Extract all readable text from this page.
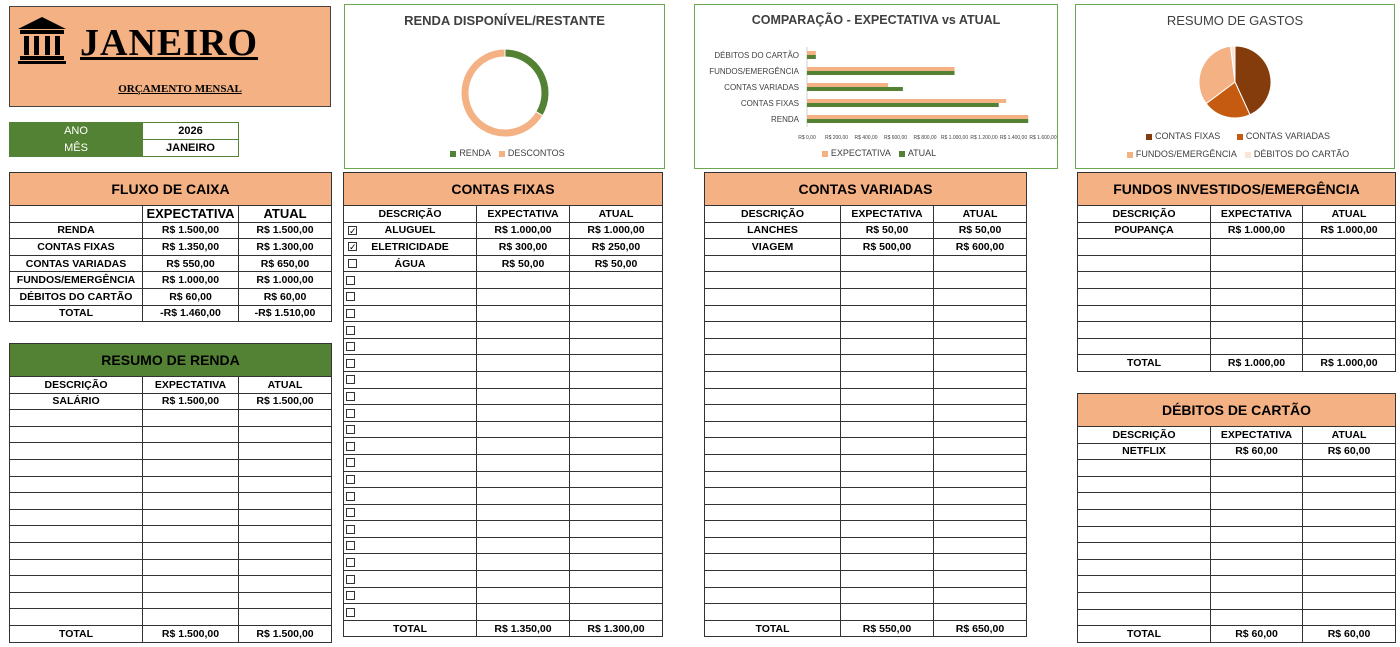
JANEIRO
ORÇAMENTO MENSAL
ANO	2026
MÊS	JANEIRO
RENDA DISPONÍVEL/RESTANTE
RENDA DESCONTOS
COMPARAÇÃO - EXPECTATIVA vs ATUAL
DÉBITOS DO CARTÃO
FUNDOS/EMERGÊNCIA
CONTAS VARIADAS
CONTAS FIXAS
RENDA
R$ 0,00 R$ 200,00 R$ 400,00 R$ 600,00 R$ 800,00 R$ 1.000,00 R$ 1.200,00 R$ 1.400,00 R$ 1.600,00
EXPECTATIVA ATUAL
RESUMO DE GASTOS
CONTAS FIXAS	CONTAS VARIADAS
FUNDOS/EMERGÊNCIA DÉBITOS DO CARTÃO
FLUXO DE CAIXA		
	EXPECTATIVA	ATUAL
RENDA	R$ 1.500,00	R$ 1.500,00
CONTAS FIXAS	R$ 1.350,00	R$ 1.300,00
CONTAS VARIADAS	R$ 550,00	R$ 650,00
FUNDOS/EMERGÊNCIA	R$ 1.000,00	R$ 1.000,00
DÉBITOS DO CARTÃO	R$ 60,00	R$ 60,00
TOTAL	-R$ 1.460,00	-R$ 1.510,00
RESUMO DE RENDA		
DESCRIÇÃO	EXPECTATIVA	ATUAL
SALÁRIO	R$ 1.500,00	R$ 1.500,00

TOTAL	R$ 1.500,00	R$ 1.500,00
CONTAS FIXAS		
DESCRIÇÃO	EXPECTATIVA	ATUAL

✓ ALUGUEL	R$ 1.000,00	R$ 1.000,00

✓ ELETRICIDADE	R$ 300,00	R$ 250,00

ÁGUA	R$ 50,00	R$ 50,00

TOTAL	R$ 1.350,00	R$ 1.300,00
CONTAS VARIADAS		
DESCRIÇÃO	EXPECTATIVA	ATUAL
LANCHES	R$ 50,00	R$ 50,00
VIAGEM	R$ 500,00	R$ 600,00

TOTAL	R$ 550,00	R$ 650,00
FUNDOS INVESTIDOS/EMERGÊNCIA		
DESCRIÇÃO	EXPECTATIVA	ATUAL
POUPANÇA	R$ 1.000,00	R$ 1.000,00

TOTAL	R$ 1.000,00	R$ 1.000,00
DÉBITOS DE CARTÃO		
DESCRIÇÃO	EXPECTATIVA	ATUAL
NETFLIX	R$ 60,00	R$ 60,00

TOTAL	R$ 60,00	R$ 60,00
